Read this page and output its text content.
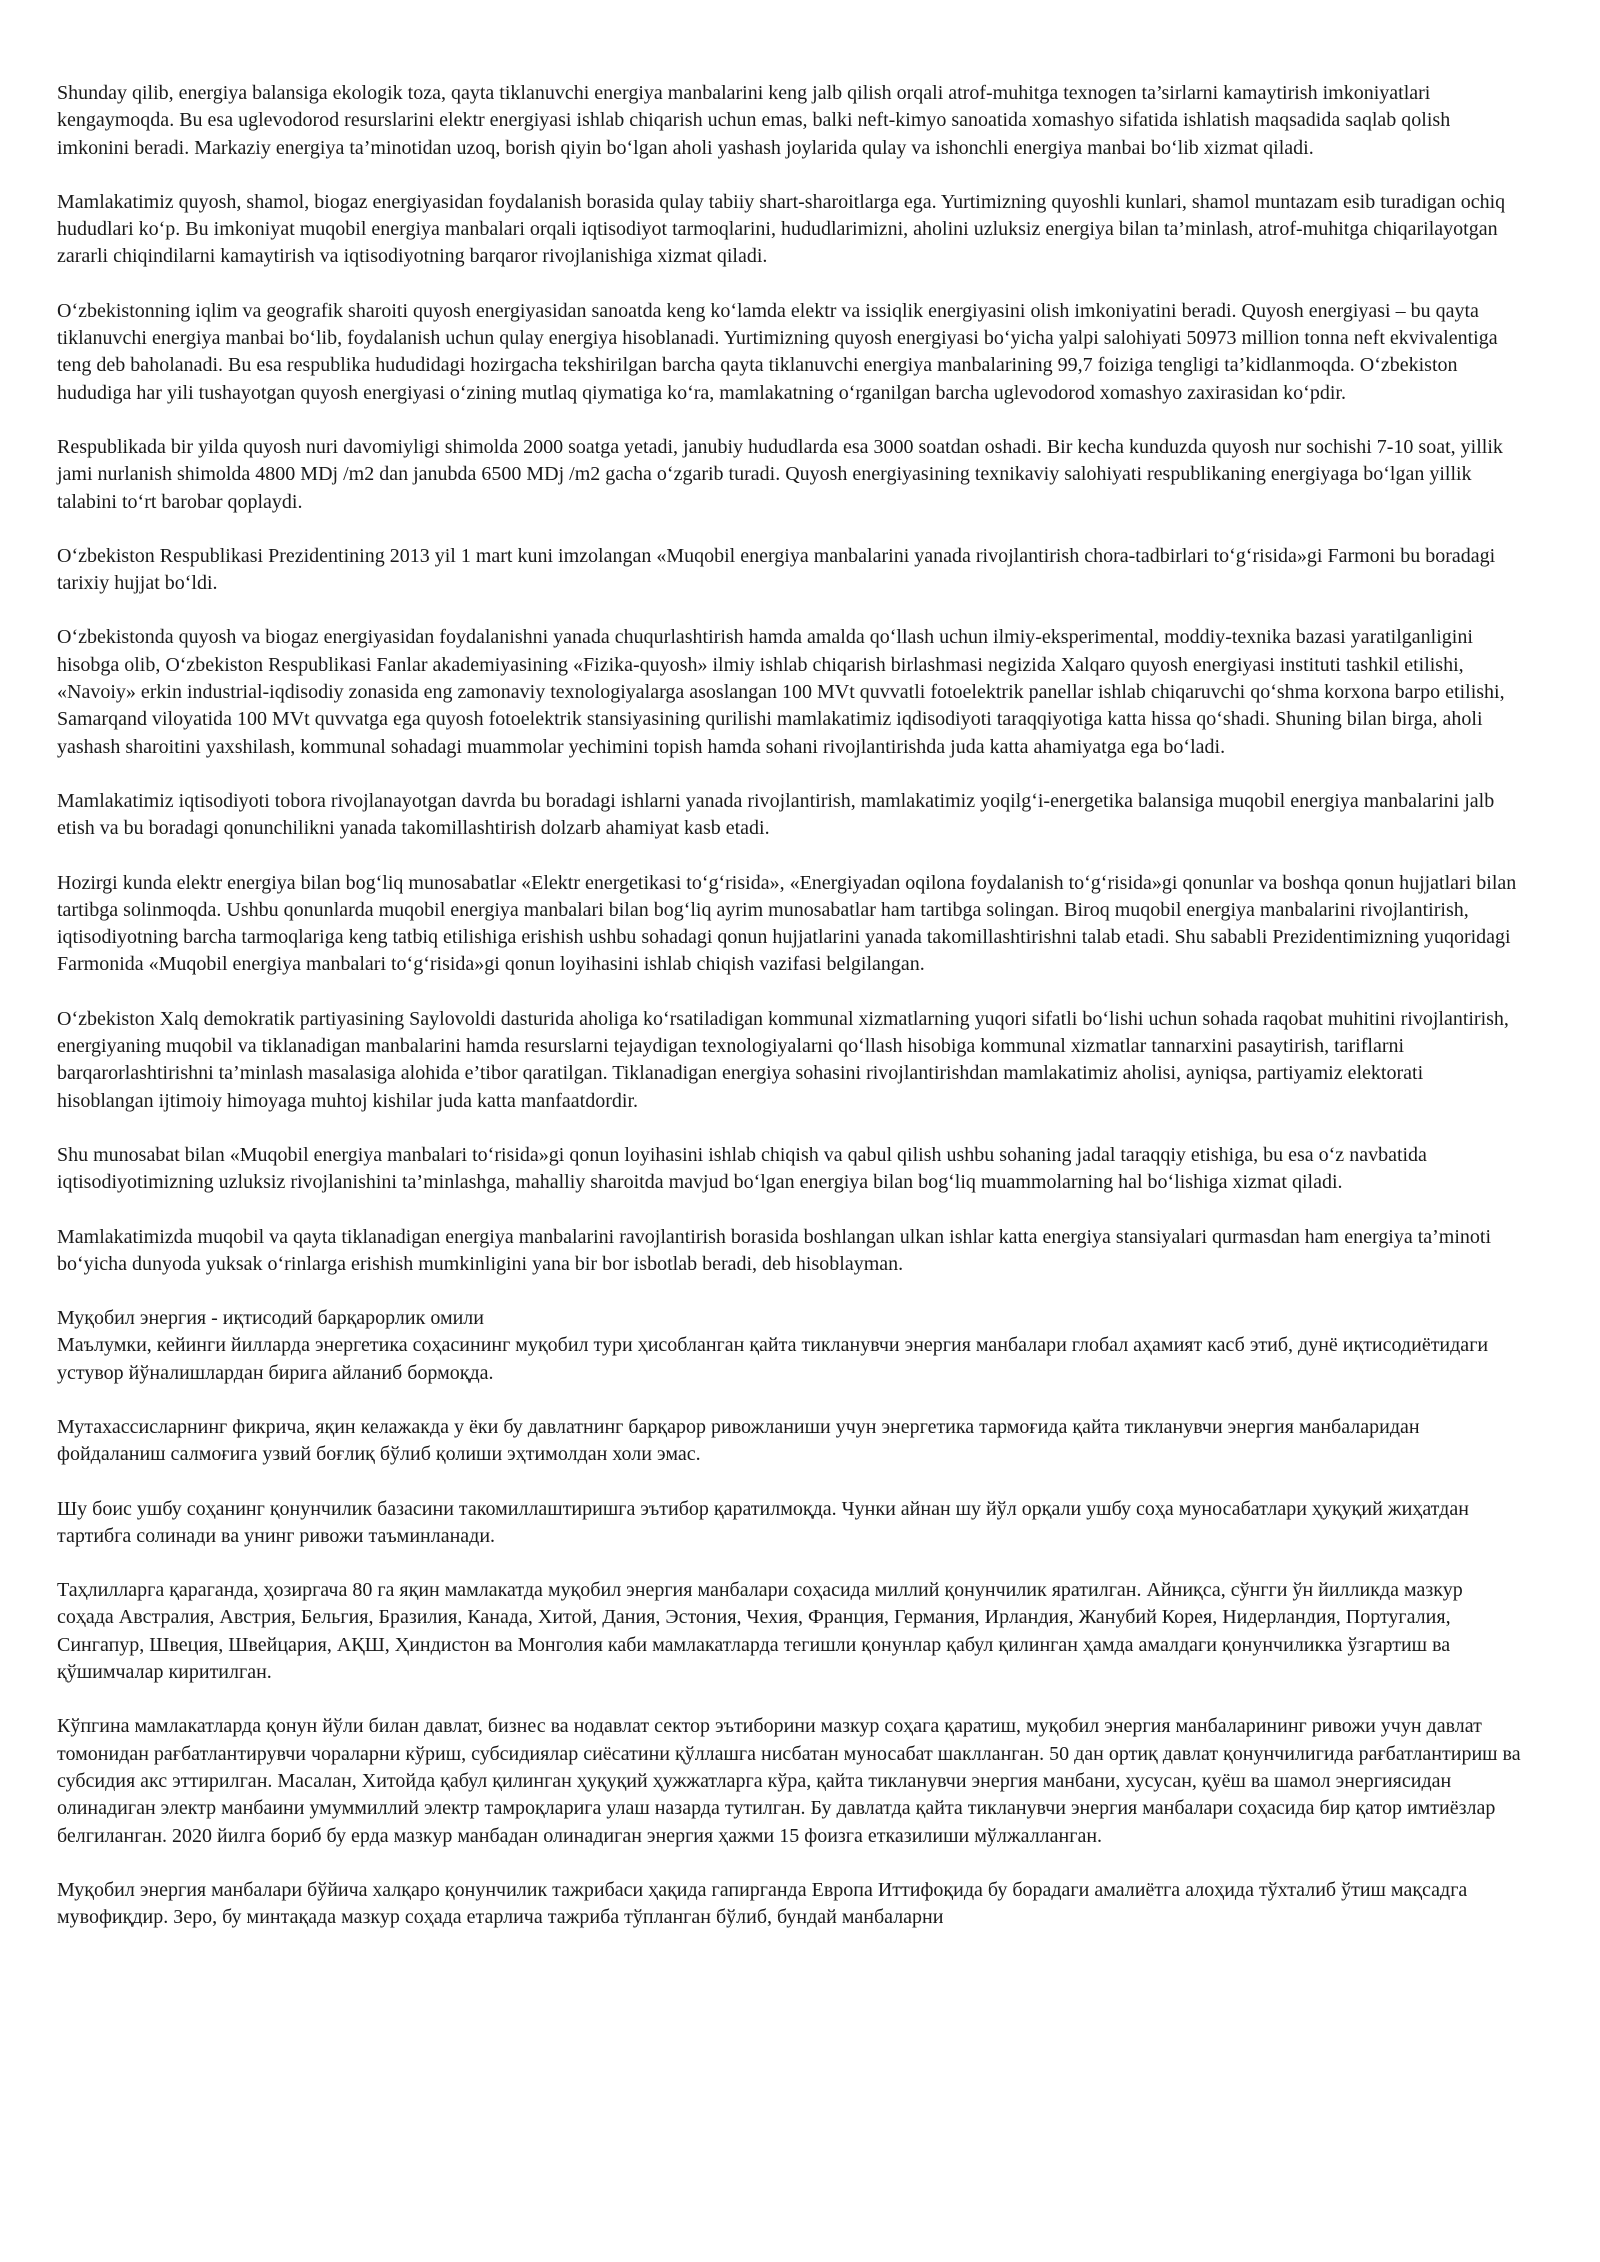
Shunday qilib, energiya balansiga ekologik toza, qayta tiklanuvchi energiya manbalarini keng jalb qilish orqali atrof-muhitga texnogen ta’sirlarni kamaytirish imkoniyatlari kengaymoqda. Bu esa uglevodorod resurslarini elektr energiyasi ishlab chiqarish uchun emas, balki neft-kimyo sanoatida xomashyo sifatida ishlatish maqsadida saqlab qolish imkonini beradi. Markaziy energiya ta’minotidan uzoq, borish qiyin bo‘lgan aholi yashash joylarida qulay va ishonchli energiya manbai bo‘lib xizmat qiladi.

Mamlakatimiz quyosh, shamol, biogaz energiyasidan foydalanish borasida qulay tabiiy shart-sharoitlarga ega. Yurtimizning quyoshli kunlari, shamol muntazam esib turadigan ochiq hududlari ko‘p. Bu imkoniyat muqobil energiya manbalari orqali iqtisodiyot tarmoqlarini, hududlarimizni, aholini uzluksiz energiya bilan ta’minlash, atrof-muhitga chiqarilayotgan zararli chiqindilarni kamaytirish va iqtisodiyotning barqaror rivojlanishiga xizmat qiladi.

O‘zbekistonning iqlim va geografik sharoiti quyosh energiyasidan sanoatda keng ko‘lamda elektr va issiqlik energiyasini olish imkoniyatini beradi. Quyosh energiyasi – bu qayta tiklanuvchi energiya manbai bo‘lib, foydalanish uchun qulay energiya hisoblanadi. Yurtimizning quyosh energiyasi bo‘yicha yalpi salohiyati 50973 million tonna neft ekvivalentiga teng deb baholanadi. Bu esa respublika hududidagi hozirgacha tekshirilgan barcha qayta tiklanuvchi energiya manbalarining 99,7 foiziga tengligi ta’kidlanmoqda. O‘zbekiston hududiga har yili tushayotgan quyosh energiyasi o‘zining mutlaq qiymatiga ko‘ra, mamlakatning o‘rganilgan barcha uglevodorod xomashyo zaxirasidan ko‘pdir.

Respublikada bir yilda quyosh nuri davomiyligi shimolda 2000 soatga yetadi, janubiy hududlarda esa 3000 soatdan oshadi. Bir kecha kunduzda quyosh nur sochishi 7-10 soat, yillik jami nurlanish shimolda 4800 MDj /m2 dan janubda 6500 MDj /m2 gacha o‘zgarib turadi. Quyosh energiyasining texnikaviy salohiyati respublikaning energiyaga bo‘lgan yillik talabini to‘rt barobar qoplaydi.

O‘zbekiston Respublikasi Prezidentining 2013 yil 1 mart kuni imzolangan «Muqobil energiya manbalarini yanada rivojlantirish chora-tadbirlari to‘g‘risida»gi Farmoni bu boradagi tarixiy hujjat bo‘ldi.

O‘zbekistonda quyosh va biogaz energiyasidan foydalanishni yanada chuqurlashtirish hamda amalda qo‘llash uchun ilmiy-eksperimental, moddiy-texnika bazasi yaratilganligini hisobga olib, O‘zbekiston Respublikasi Fanlar akademiyasining «Fizika-quyosh» ilmiy ishlab chiqarish birlashmasi negizida Xalqaro quyosh energiyasi instituti tashkil etilishi, «Navoiy» erkin industrial-iqdisodiy zonasida eng zamonaviy texnologiyalarga asoslangan 100 MVt quvvatli fotoelektrik panellar ishlab chiqaruvchi qo‘shma korxona barpo etilishi, Samarqand viloyatida 100 MVt quvvatga ega quyosh fotoelektrik stansiyasining qurilishi mamlakatimiz iqdisodiyoti taraqqiyotiga katta hissa qo‘shadi. Shuning bilan birga, aholi yashash sharoitini yaxshilash, kommunal sohadagi muammolar yechimini topish hamda sohani rivojlantirishda juda katta ahamiyatga ega bo‘ladi.

Mamlakatimiz iqtisodiyoti tobora rivojlanayotgan davrda bu boradagi ishlarni yanada rivojlantirish, mamlakatimiz yoqilg‘i-energetika balansiga muqobil energiya manbalarini jalb etish va bu boradagi qonunchilikni yanada takomillashtirish dolzarb ahamiyat kasb etadi.

Hozirgi kunda elektr energiya bilan bog‘liq munosabatlar «Elektr energetikasi to‘g‘risida», «Energiyadan oqilona foydalanish to‘g‘risida»gi qonunlar va boshqa qonun hujjatlari bilan tartibga solinmoqda. Ushbu qonunlarda muqobil energiya manbalari bilan bog‘liq ayrim munosabatlar ham tartibga solingan. Biroq muqobil energiya manbalarini rivojlantirish, iqtisodiyotning barcha tarmoqlariga keng tatbiq etilishiga erishish ushbu sohadagi qonun hujjatlarini yanada takomillashtirishni talab etadi. Shu sababli Prezidentimizning yuqoridagi Farmonida «Muqobil energiya manbalari to‘g‘risida»gi qonun loyihasini ishlab chiqish vazifasi belgilangan.

O‘zbekiston Xalq demokratik partiyasining Saylovoldi dasturida aholiga ko‘rsatiladigan kommunal xizmatlarning yuqori sifatli bo‘lishi uchun sohada raqobat muhitini rivojlantirish, energiyaning muqobil va tiklanadigan manbalarini hamda resurslarni tejaydigan texnologiyalarni qo‘llash hisobiga kommunal xizmatlar tannarxini pasaytirish, tariflarni barqarorlashtirishni ta’minlash masalasiga alohida e’tibor qaratilgan. Tiklanadigan energiya sohasini rivojlantirishdan mamlakatimiz aholisi, ayniqsa, partiyamiz elektorati hisoblangan ijtimoiy himoyaga muhtoj kishilar juda katta manfaatdordir.

Shu munosabat bilan «Muqobil energiya manbalari to‘risida»gi qonun loyihasini ishlab chiqish va qabul qilish ushbu sohaning jadal taraqqiy etishiga, bu esa o‘z navbatida iqtisodiyotimizning uzluksiz rivojlanishini ta’minlashga, mahalliy sharoitda mavjud bo‘lgan energiya bilan bog‘liq muammolarning hal bo‘lishiga xizmat qiladi.

Mamlakatimizda muqobil va qayta tiklanadigan energiya manbalarini ravojlantirish borasida boshlangan ulkan ishlar katta energiya stansiyalari qurmasdan ham energiya ta’minoti bo‘yicha dunyoda yuksak o‘rinlarga erishish mumkinligini yana bir bor isbotlab beradi, deb hisoblayman.

Муқобил энергия - иқтисодий барқарорлик омили

Маълумки, кейинги йилларда энергетика соҳасининг муқобил тури ҳисобланган қайта тикланувчи энергия манбалари глобал аҳамият касб этиб, дунё иқтисодиётидаги устувор йўналишлардан бирига айланиб бормоқда.

Мутахассисларнинг фикрича, яқин келажакда у ёки бу давлатнинг барқарор ривожланиши учун энергетика тармоғида қайта тикланувчи энергия манбаларидан фойдаланиш салмоғига узвий боғлиқ бўлиб қолиши эҳтимолдан холи эмас.

Шу боис ушбу соҳанинг қонунчилик базасини такомиллаштиришга эътибор қаратилмоқда. Чунки айнан шу йўл орқали ушбу соҳа муносабатлари ҳуқуқий жиҳатдан тартибга солинади ва унинг ривожи таъминланади.

Таҳлилларга қараганда, ҳозиргача 80 га яқин мамлакатда муқобил энергия манбалари соҳасида миллий қонунчилик яратилган. Айниқса, сўнгги ўн йилликда мазкур соҳада Австралия, Австрия, Бельгия, Бразилия, Канада, Хитой, Дания, Эстония, Чехия, Франция, Германия, Ирландия, Жанубий Корея, Нидерландия, Португалия, Сингапур, Швеция, Швейцария, АҚШ, Ҳиндистон ва Монголия каби мамлакатларда тегишли қонунлар қабул қилинган ҳамда амалдаги қонунчиликка ўзгартиш ва қўшимчалар киритилган.

Кўпгина мамлакатларда қонун йўли билан давлат, бизнес ва нодавлат сектор эътиборини мазкур соҳага қаратиш, муқобил энергия манбаларининг ривожи учун давлат томонидан рағбатлантирувчи чораларни кўриш, субсидиялар сиёсатини қўллашга нисбатан муносабат шаклланган. 50 дан ортиқ давлат қонунчилигида рағбатлантириш ва субсидия акс эттирилган. Масалан, Хитойда қабул қилинган ҳуқуқий ҳужжатларга кўра, қайта тикланувчи энергия манбани, хусусан, қуёш ва шамол энергиясидан олинадиган электр манбаини умуммиллий электр тамроқларига улаш назарда тутилган. Бу давлатда қайта тикланувчи энергия манбалари соҳасида бир қатор имтиёзлар белгиланган. 2020 йилга бориб бу ерда мазкур манбадан олинадиган энергия ҳажми 15 фоизга етказилиши мўлжалланган.

Муқобил энергия манбалари бўйича халқаро қонунчилик тажрибаси ҳақида гапирганда Европа Иттифоқида бу борадаги амалиётга алоҳида тўхталиб ўтиш мақсадга мувофиқдир. Зеро, бу минтақада мазкур соҳада етарлича тажриба тўпланган бўлиб, бундай манбаларни
